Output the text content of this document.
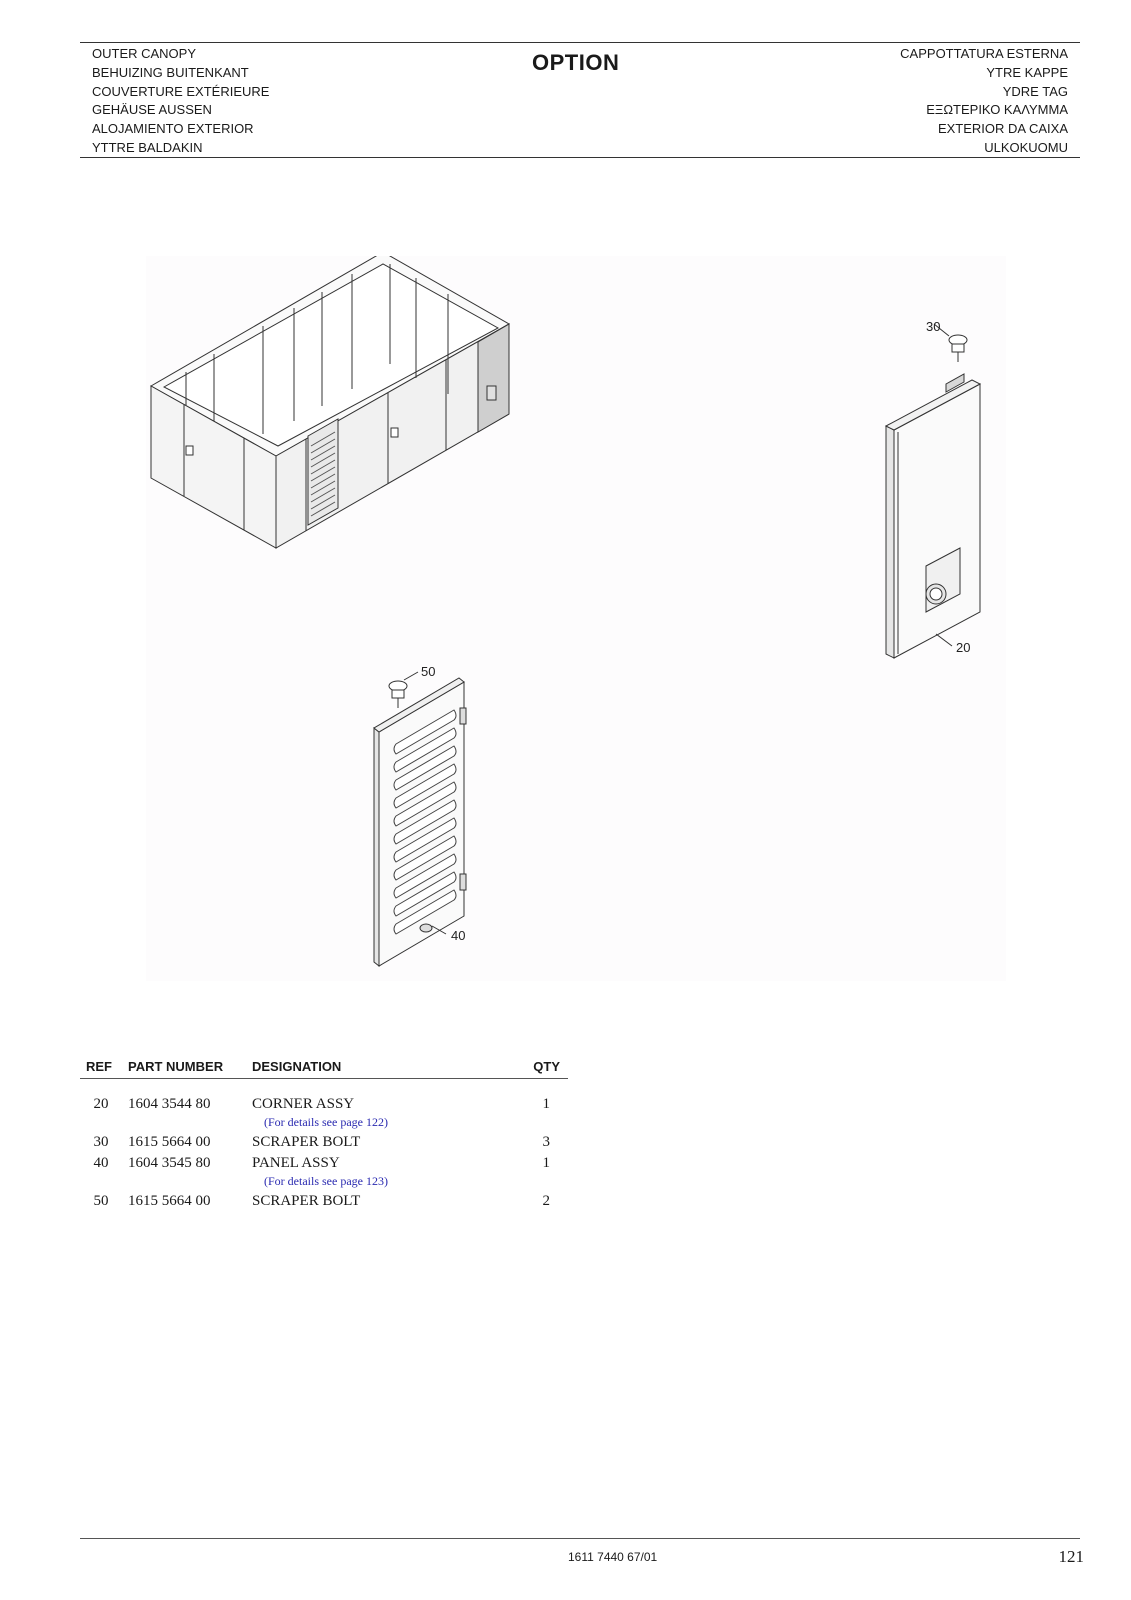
OUTER CANOPY
BEHUIZING BUITENKANT
COUVERTURE EXTÉRIEURE
GEHÄUSE AUSSEN
ALOJAMIENTO EXTERIOR
YTTRE BALDAKIN
OPTION	CAPPOTTATURA ESTERNA
YTRE KAPPE
YDRE TAG
ΕΞΩΤΕΡΙΚΟ ΚΑΛΥΜΜΑ
EXTERIOR DA CAIXA
ULKOKUOMU
30
20
50
40
REF	PART NUMBER	DESIGNATION	QTY
20	1604 3544 80	CORNER ASSY	1
		(For details see page 122)	
30	1615 5664 00	SCRAPER BOLT	3
40	1604 3545 80	PANEL ASSY	1
		(For details see page 123)	
50	1615 5664 00	SCRAPER BOLT	2
1611 7440 67/01	121
